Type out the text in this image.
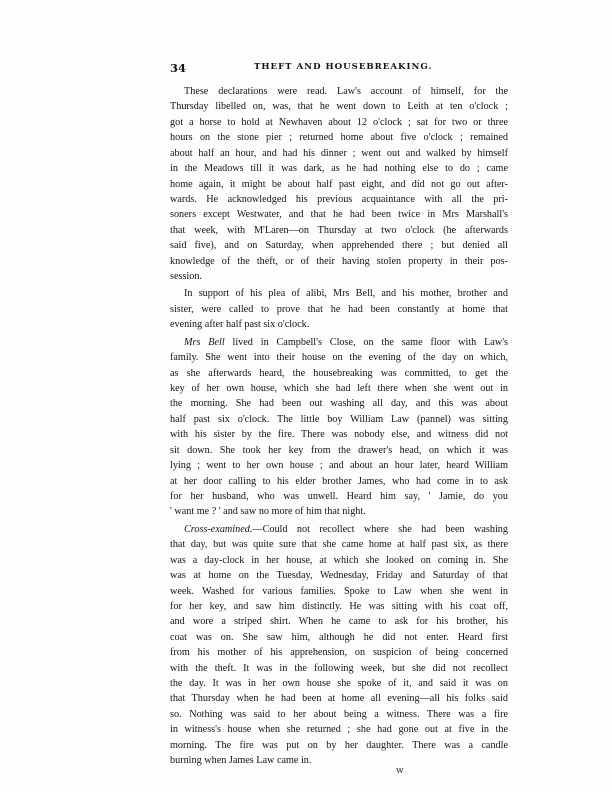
34	THEFT AND HOUSEBREAKING.
These declarations were read. Law's account of himself, for the
Thursday libelled on, was, that he went down to Leith at ten o'clock ;
got a horse to hold at Newhaven about 12 o'clock ; sat for two or three
hours on the stone pier ; returned home about five o'clock ; remained
about half an hour, and had his dinner ; went out and walked by himself
in the Meadows till it was dark, as he had nothing else to do ; came
home again, it might be about half past eight, and did not go out after-
wards. He acknowledged his previous acquaintance with all the pri-
soners except Westwater, and that he had been twice in Mrs Marshall's
that week, with M'Laren—on Thursday at two o'clock (he afterwards
said five), and on Saturday, when apprehended there ; but denied all
knowledge of the theft, or of their having stolen property in their pos-
session.
In support of his plea of alibi, Mrs Bell, and his mother, brother and
sister, were called to prove that he had been constantly at home that
evening after half past six o'clock.
Mrs Bell lived in Campbell's Close, on the same floor with Law's
family. She went into their house on the evening of the day on which,
as she afterwards heard, the housebreaking was committed, to get the
key of her own house, which she had left there when she went out in
the morning. She had been out washing all day, and this was about
half past six o'clock. The little boy William Law (pannel) was sitting
with his sister by the fire. There was nobody else, and witness did not
sit down. She took her key from the drawer's head, on which it was
lying ; went to her own house ; and about an hour later, heard William
at her door calling to his elder brother James, who had come in to ask
for her husband, who was unwell. Heard him say, ' Jamie, do you
' want me ? ' and saw no more of him that night.
Cross-examined.—Could not recollect where she had been washing
that day, but was quite sure that she came home at half past six, as there
was a day-clock in her house, at which she looked on coming in. She
was at home on the Tuesday, Wednesday, Friday and Saturday of that
week. Washed for various families. Spoke to Law when she went in
for her key, and saw him distinctly. He was sitting with his coat off,
and wore a striped shirt. When he came to ask for his brother, his
coat was on. She saw him, although he did not enter. Heard first
from his mother of his apprehension, on suspicion of being concerned
with the theft. It was in the following week, but she did not recollect
the day. It was in her own house she spoke of it, and said it was on
that Thursday when he had been at home all evening—all his folks said
so. Nothing was said to her about being a witness. There was a fire
in witness's house when she returned ; she had gone out at five in the
morning. The fire was put on by her daughter. There was a candle
burning when James Law came in.
w
